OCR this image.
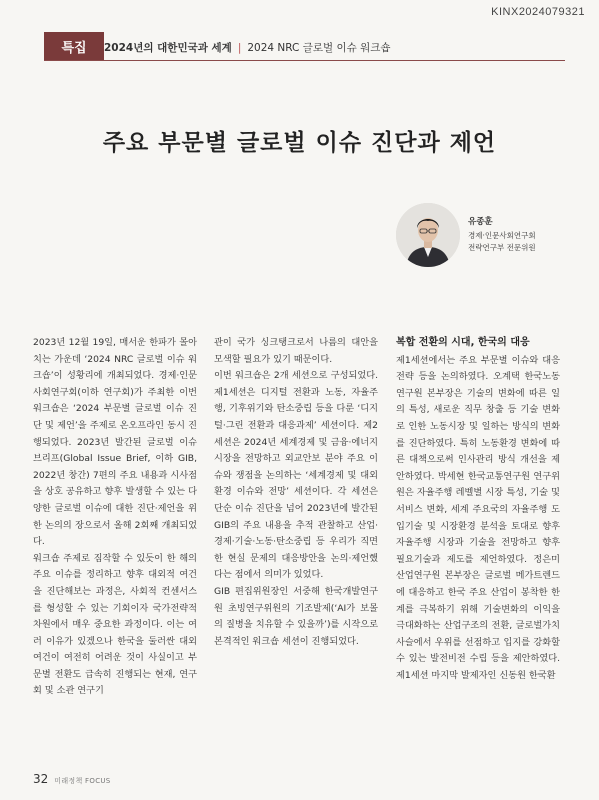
KINX2024079321
특집	2024년의 대한민국과 세계 | 2024 NRC 글로벌 이슈 워크숍
주요 부문별 글로벌 이슈 진단과 제언
유종훈
경제·인문사회연구회
전략연구부 전문위원

2023년 12월 19일, 매서운 한파가 몰아치는 가운데 ‘2024 NRC 글로벌 이슈 워크숍’이 성황리에 개최되었다. 경제·인문사회연구회(이하 연구회)가 주최한 이번 워크숍은 ‘2024 부문별 글로벌 이슈 진단 및 제언’을 주제로 온오프라인 동시 진행되었다. 2023년 발간된 글로벌 이슈 브리프(Global Issue Brief, 이하 GIB, 2022년 창간) 7편의 주요 내용과 시사점을 상호 공유하고 향후 발생할 수 있는 다양한 글로벌 이슈에 대한 진단·제언을 위한 논의의 장으로서 올해 2회째 개최되었다.

워크숍 주제로 짐작할 수 있듯이 한 해의 주요 이슈를 정리하고 향후 대외적 여건을 진단해보는 과정은, 사회적 컨센서스를 형성할 수 있는 기회이자 국가전략적 차원에서 매우 중요한 과정이다. 이는 여러 이유가 있겠으나 한국을 둘러싼 대외 여건이 여전히 어려운 것이 사실이고 부문별 전환도 급속히 진행되는 현재, 연구회 및 소관 연구기

관이 국가 싱크탱크로서 나름의 대안을 모색할 필요가 있기 때문이다.

이번 워크숍은 2개 세션으로 구성되었다. 제1세션은 디지털 전환과 노동, 자율주행, 기후위기와 탄소중립 등을 다룬 ‘디지털·그린 전환과 대응과제’ 세션이다. 제2세션은 2024년 세계경제 및 금융·에너지시장을 전망하고 외교안보 분야 주요 이슈와 쟁점을 논의하는 ‘세계경제 및 대외환경 이슈와 전망’ 세션이다. 각 세션은 단순 이슈 진단을 넘어 2023년에 발간된 GIB의 주요 내용을 추적 관찰하고 산업·경제·기술·노동·탄소중립 등 우리가 직면한 현실 문제의 대응방안을 논의·제언했다는 점에서 의미가 있었다.

GIB 편집위원장인 서중해 한국개발연구원 초빙연구위원의 기조발제(‘AI가 보몰의 질병을 치유할 수 있을까’)를 시작으로 본격적인 워크숍 세션이 진행되었다.

복합 전환의 시대, 한국의 대응

제1세션에서는 주요 부문별 이슈와 대응전략 등을 논의하였다. 오계택 한국노동연구원 본부장은 기술의 변화에 따른 일의 특성, 새로운 직무 창출 등 기술 변화로 인한 노동시장 및 일하는 방식의 변화를 진단하였다. 특히 노동환경 변화에 따른 대책으로써 인사관리 방식 개선을 제안하였다. 박세현 한국교통연구원 연구위원은 자율주행 레벨별 시장 특성, 기술 및 서비스 변화, 세계 주요국의 자율주행 도입기술 및 시장환경 분석을 토대로 향후 자율주행 시장과 기술을 전망하고 향후 필요기술과 제도를 제언하였다. 정은미 산업연구원 본부장은 글로벌 메가트렌드에 대응하고 한국 주요 산업이 봉착한 한계를 극복하기 위해 기술변화의 이익을 극대화하는 산업구조의 전환, 글로벌가치사슬에서 우위를 선점하고 입지를 강화할 수 있는 발전비전 수립 등을 제안하였다. 제1세션 마지막 발제자인 신동원 한국환

32 미래정책 FOCUS
